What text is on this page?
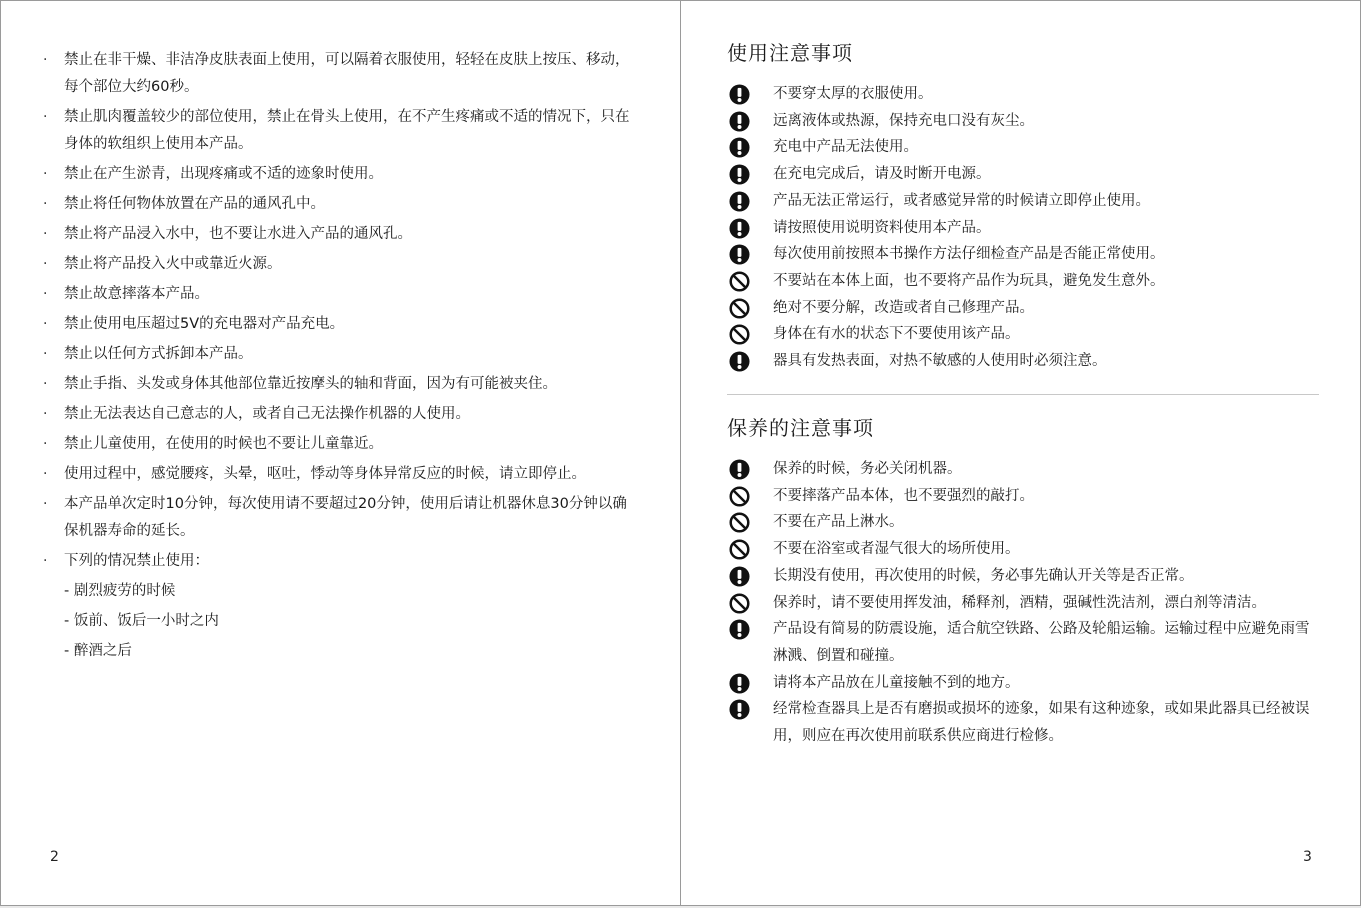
· 禁止在非干燥、非洁净皮肤表面上使用，可以隔着衣服使用，轻轻在皮肤上按压、移动，每个部位大约60秒。
· 禁止肌肉覆盖较少的部位使用，禁止在骨头上使用，在不产生疼痛或不适的情况下，只在身体的软组织上使用本产品。
· 禁止在产生淤青，出现疼痛或不适的迹象时使用。
· 禁止将任何物体放置在产品的通风孔中。
· 禁止将产品浸入水中，也不要让水进入产品的通风孔。
· 禁止将产品投入火中或靠近火源。
· 禁止故意摔落本产品。
· 禁止使用电压超过5V的充电器对产品充电。
· 禁止以任何方式拆卸本产品。
· 禁止手指、头发或身体其他部位靠近按摩头的轴和背面，因为有可能被夹住。
· 禁止无法表达自己意志的人，或者自己无法操作机器的人使用。
· 禁止儿童使用，在使用的时候也不要让儿童靠近。
· 使用过程中，感觉腰疼，头晕，呕吐，悸动等身体异常反应的时候，请立即停止。
· 本产品单次定时10分钟，每次使用请不要超过20分钟，使用后请让机器休息30分钟以确保机器寿命的延长。
· 下列的情况禁止使用：
- 剧烈疲劳的时候
- 饭前、饭后一小时之内
- 醉酒之后
2
使用注意事项
不要穿太厚的衣服使用。
远离液体或热源，保持充电口没有灰尘。
充电中产品无法使用。
在充电完成后，请及时断开电源。
产品无法正常运行，或者感觉异常的时候请立即停止使用。
请按照使用说明资料使用本产品。
每次使用前按照本书操作方法仔细检查产品是否能正常使用。
不要站在本体上面，也不要将产品作为玩具，避免发生意外。
绝对不要分解，改造或者自己修理产品。
身体在有水的状态下不要使用该产品。
器具有发热表面，对热不敏感的人使用时必须注意。
保养的注意事项
保养的时候，务必关闭机器。
不要摔落产品本体，也不要强烈的敲打。
不要在产品上淋水。
不要在浴室或者湿气很大的场所使用。
长期没有使用，再次使用的时候，务必事先确认开关等是否正常。
保养时，请不要使用挥发油，稀释剂，酒精，强碱性洗洁剂，漂白剂等清洁。
产品设有简易的防震设施，适合航空铁路、公路及轮船运输。运输过程中应避免雨雪淋溅、倒置和碰撞。
请将本产品放在儿童接触不到的地方。
经常检查器具上是否有磨损或损坏的迹象，如果有这种迹象，或如果此器具已经被误用，则应在再次使用前联系供应商进行检修。
3
